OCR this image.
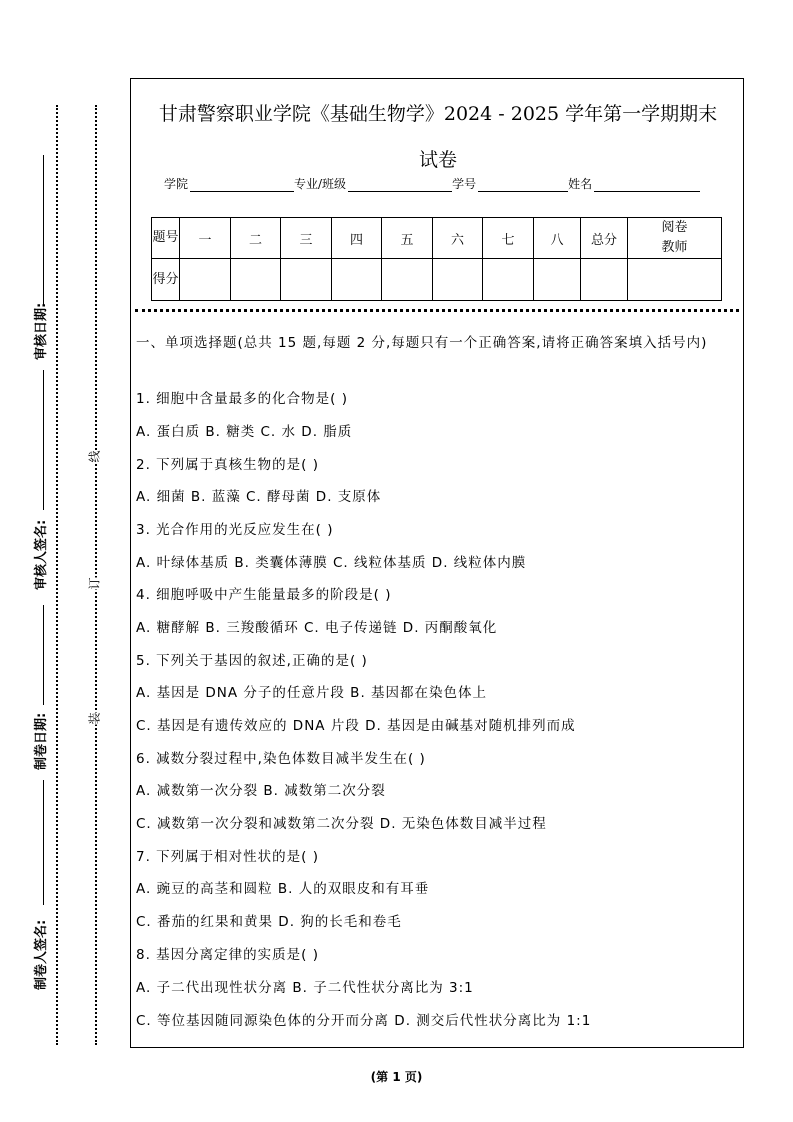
审核日期:
审核人签名:
制卷日期:
制卷人签名:
线
订
装
甘肃警察职业学院《基础生物学》2024 - 2025 学年第一学期期末
试卷
学院	专业/班级	学号	姓名
题号	一	二	三	四	五	六	七	八	总分	阅卷教师
得分										
一、单项选择题(总共 15 题,每题 2 分,每题只有一个正确答案,请将正确答案填入括号内)
1. 细胞中含量最多的化合物是( )
A. 蛋白质 B. 糖类 C. 水 D. 脂质
2. 下列属于真核生物的是( )
A. 细菌 B. 蓝藻 C. 酵母菌 D. 支原体
3. 光合作用的光反应发生在( )
A. 叶绿体基质 B. 类囊体薄膜 C. 线粒体基质 D. 线粒体内膜
4. 细胞呼吸中产生能量最多的阶段是( )
A. 糖酵解 B. 三羧酸循环 C. 电子传递链 D. 丙酮酸氧化
5. 下列关于基因的叙述,正确的是( )
A. 基因是 DNA 分子的任意片段 B. 基因都在染色体上
C. 基因是有遗传效应的 DNA 片段 D. 基因是由碱基对随机排列而成
6. 减数分裂过程中,染色体数目减半发生在( )
A. 减数第一次分裂 B. 减数第二次分裂
C. 减数第一次分裂和减数第二次分裂 D. 无染色体数目减半过程
7. 下列属于相对性状的是( )
A. 豌豆的高茎和圆粒 B. 人的双眼皮和有耳垂
C. 番茄的红果和黄果 D. 狗的长毛和卷毛
8. 基因分离定律的实质是( )
A. 子二代出现性状分离 B. 子二代性状分离比为 3:1
C. 等位基因随同源染色体的分开而分离 D. 测交后代性状分离比为 1:1
(第 1 页)
